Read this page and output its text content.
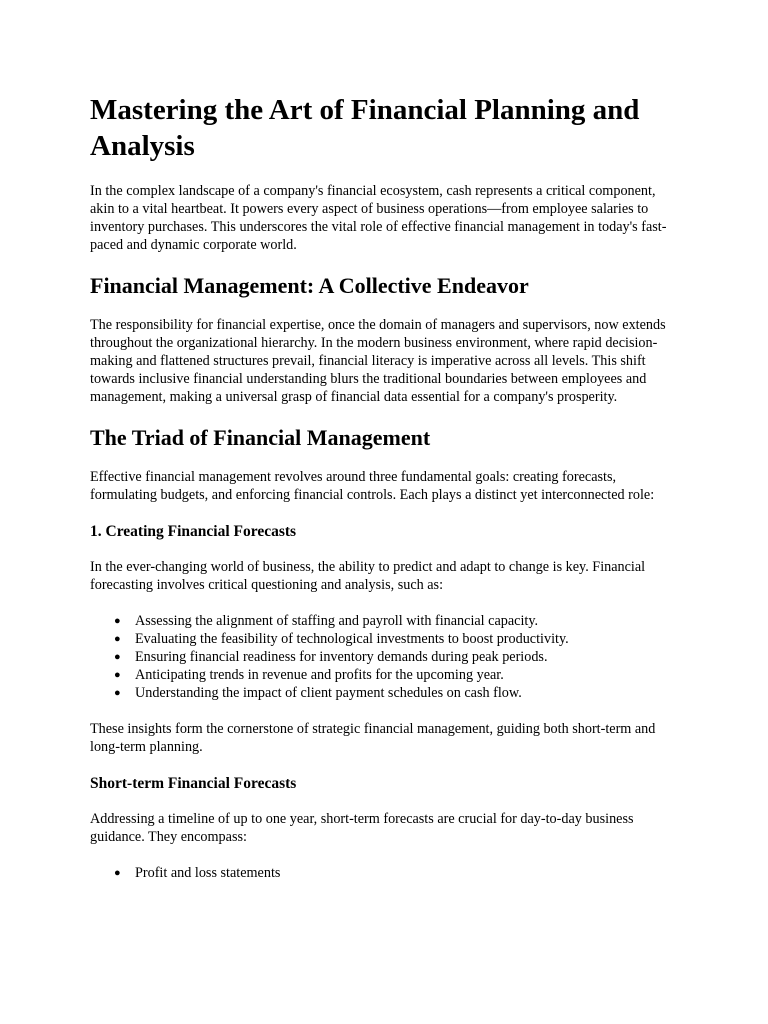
Mastering the Art of Financial Planning and Analysis

In the complex landscape of a company's financial ecosystem, cash represents a critical component, akin to a vital heartbeat. It powers every aspect of business operations—from employee salaries to inventory purchases. This underscores the vital role of effective financial management in today's fast-paced and dynamic corporate world.

Financial Management: A Collective Endeavor

The responsibility for financial expertise, once the domain of managers and supervisors, now extends throughout the organizational hierarchy. In the modern business environment, where rapid decision-making and flattened structures prevail, financial literacy is imperative across all levels. This shift towards inclusive financial understanding blurs the traditional boundaries between employees and management, making a universal grasp of financial data essential for a company's prosperity.

The Triad of Financial Management

Effective financial management revolves around three fundamental goals: creating forecasts, formulating budgets, and enforcing financial controls. Each plays a distinct yet interconnected role:

1. Creating Financial Forecasts

In the ever-changing world of business, the ability to predict and adapt to change is key. Financial forecasting involves critical questioning and analysis, such as:

● Assessing the alignment of staffing and payroll with financial capacity.
● Evaluating the feasibility of technological investments to boost productivity.
● Ensuring financial readiness for inventory demands during peak periods.
● Anticipating trends in revenue and profits for the upcoming year.
● Understanding the impact of client payment schedules on cash flow.

These insights form the cornerstone of strategic financial management, guiding both short-term and long-term planning.

Short-term Financial Forecasts

Addressing a timeline of up to one year, short-term forecasts are crucial for day-to-day business guidance. They encompass:

● Profit and loss statements
